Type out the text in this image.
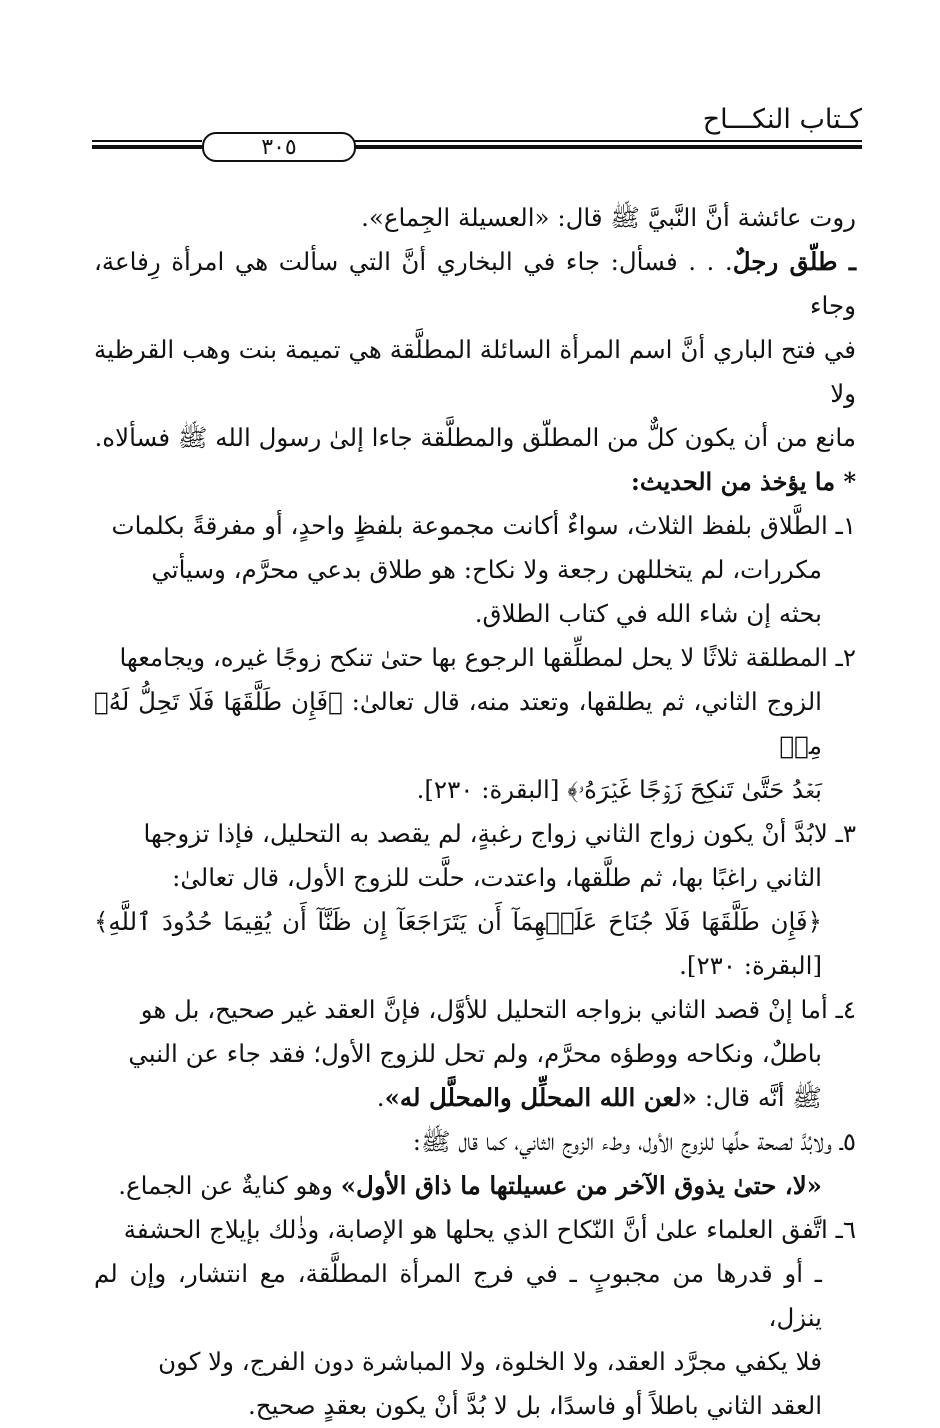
كـتاب النكـــاح
٣٠٥

روت عائشة أنَّ النَّبيَّ ﷺ قال: «العسيلة الجِماع».
ـ طلّق رجلٌ. . . فسأل: جاء في البخاري أنَّ التي سألت هي امرأة رِفاعة، وجاء
في فتح الباري أنَّ اسم المرأة السائلة المطلَّقة هي تميمة بنت وهب القرظية ولا
مانع من أن يكون كلٌّ من المطلّق والمطلَّقة جاءا إلىٰ رسول الله ﷺ فسألاه.

* ما يؤخذ من الحديث:

١ـ الطَّلاق بلفظ الثلاث، سواءٌ أكانت مجموعة بلفظٍ واحدٍ، أو مفرقةً بكلمات
مكررات، لم يتخللهن رجعة ولا نكاح: هو طلاق بدعي محرَّم، وسيأتي
بحثه إن شاء الله في كتاب الطلاق.

٢ـ المطلقة ثلاثًا لا يحل لمطلِّقها الرجوع بها حتىٰ تنكح زوجًا غيره، ويجامعها
الزوج الثاني، ثم يطلقها، وتعتد منه، قال تعالىٰ: ﴿فَإِن طَلَّقَهَا فَلَا تَحِلُّ لَهُۥ مِنۢ
بَعۡدُ حَتَّىٰ تَنكِحَ زَوۡجًا غَيۡرَهُۥ﴾ [البقرة: ٢٣٠].

٣ـ لابُدَّ أنْ يكون زواج الثاني زواج رغبةٍ، لم يقصد به التحليل، فإذا تزوجها
الثاني راغبًا بها، ثم طلَّقها، واعتدت، حلَّت للزوج الأول، قال تعالىٰ:
﴿فَإِن طَلَّقَهَا فَلَا جُنَاحَ عَلَيۡهِمَآ أَن يَتَرَاجَعَآ إِن ظَنَّآ أَن يُقِيمَا حُدُودَ ٱللَّهِ﴾ [البقرة: ٢٣٠].

٤ـ أما إنْ قصد الثاني بزواجه التحليل للأوَّل، فإنَّ العقد غير صحيح، بل هو
باطلٌ، ونكاحه ووطؤه محرَّم، ولم تحل للزوج الأول؛ فقد جاء عن النبي
ﷺ أنَّه قال: «لعن الله المحلِّل والمحلَّل له».

٥ـ ولابُدَّ لصحة حلِّها للزوج الأول، وطء الزوج الثاني، كما قال ﷺ:
«لا، حتىٰ يذوق الآخر من عسيلتها ما ذاق الأول» وهو كنايةٌ عن الجماع.

٦ـ اتَّفق العلماء علىٰ أنَّ النّكاح الذي يحلها هو الإصابة، وذٰلك بإيلاج الحشفة
ـ أو قدرها من مجبوبٍ ـ في فرج المرأة المطلَّقة، مع انتشار، وإن لم ينزل،
فلا يكفي مجرَّد العقد، ولا الخلوة، ولا المباشرة دون الفرج، ولا كون
العقد الثاني باطلاً أو فاسدًا، بل لا بُدَّ أنْ يكون بعقدٍ صحيح.
